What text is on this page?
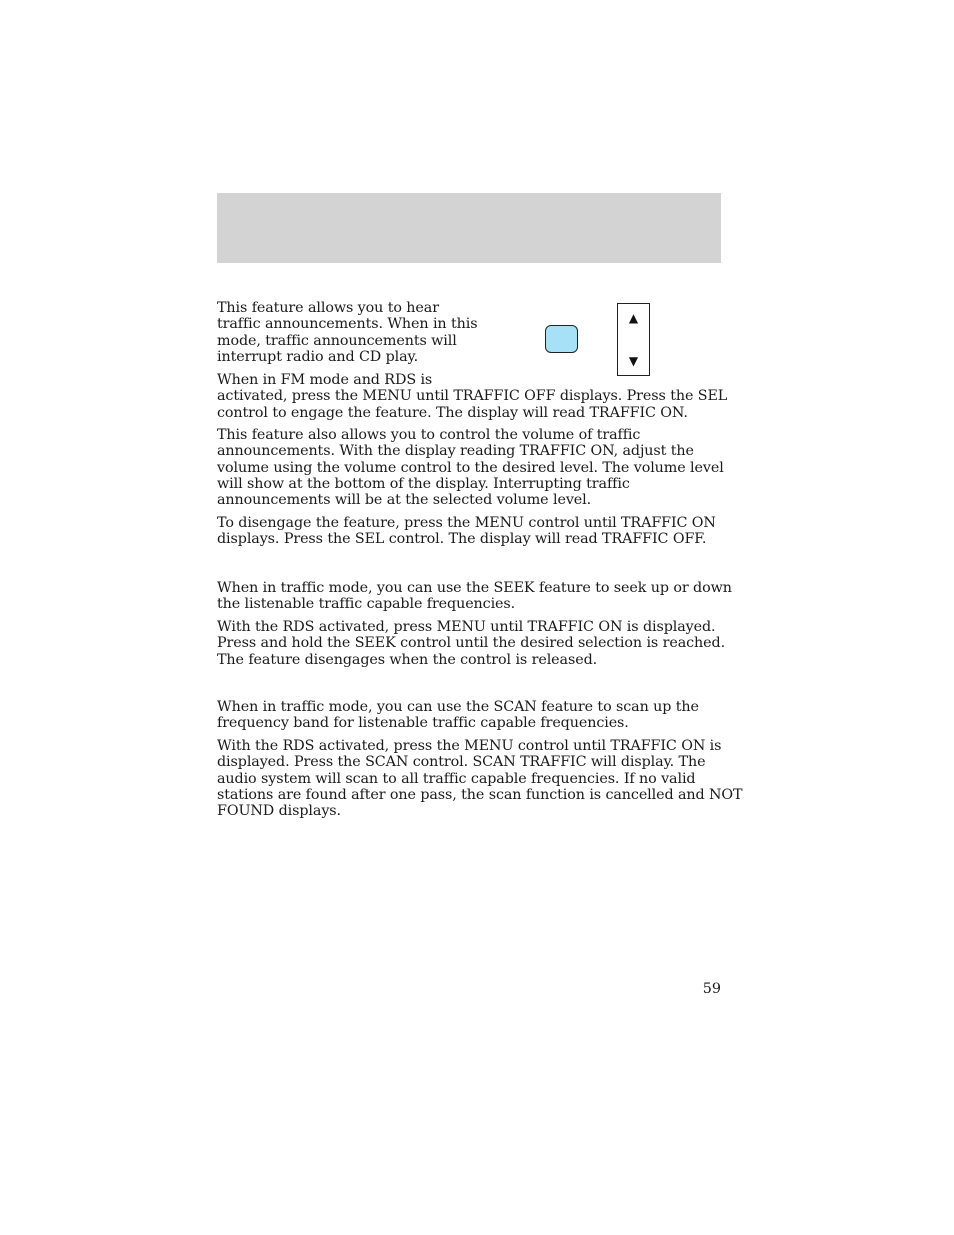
This feature allows you to hear
traffic announcements. When in this
mode, traffic announcements will
interrupt radio and CD play.

▲
▼

When in FM mode and RDS is
activated, press the MENU until TRAFFIC OFF displays. Press the SEL
control to engage the feature. The display will read TRAFFIC ON.

This feature also allows you to control the volume of traffic
announcements. With the display reading TRAFFIC ON, adjust the
volume using the volume control to the desired level. The volume level
will show at the bottom of the display. Interrupting traffic
announcements will be at the selected volume level.

To disengage the feature, press the MENU control until TRAFFIC ON
displays. Press the SEL control. The display will read TRAFFIC OFF.

When in traffic mode, you can use the SEEK feature to seek up or down
the listenable traffic capable frequencies.

With the RDS activated, press MENU until TRAFFIC ON is displayed.
Press and hold the SEEK control until the desired selection is reached.
The feature disengages when the control is released.

When in traffic mode, you can use the SCAN feature to scan up the
frequency band for listenable traffic capable frequencies.

With the RDS activated, press the MENU control until TRAFFIC ON is
displayed. Press the SCAN control. SCAN TRAFFIC will display. The
audio system will scan to all traffic capable frequencies. If no valid
stations are found after one pass, the scan function is cancelled and NOT
FOUND displays.

59
